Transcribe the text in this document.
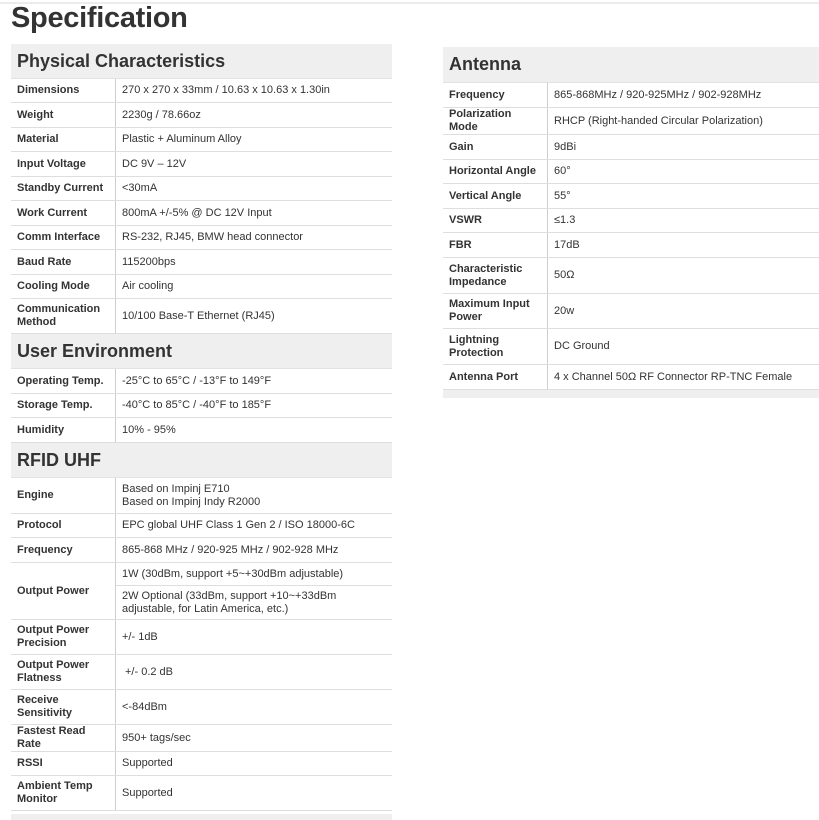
Specification
Physical Characteristics
Dimensions	270 x 270 x 33mm / 10.63 x 10.63 x 1.30in
Weight	2230g / 78.66oz
Material	Plastic + Aluminum Alloy
Input Voltage	DC 9V – 12V
Standby Current	<30mA
Work Current	800mA +/-5% @ DC 12V Input
Comm Interface	RS-232, RJ45, BMW head connector
Baud Rate	115200bps
Cooling Mode	Air cooling
Communication Method	10/100 Base-T Ethernet (RJ45)
User Environment
Operating Temp.	-25°C to 65°C / -13°F to 149°F
Storage Temp.	-40°C to 85°C / -40°F to 185°F
Humidity	10% - 95%
RFID UHF
Engine	Based on Impinj E710
Based on Impinj Indy R2000

Protocol	EPC global UHF Class 1 Gen 2 / ISO 18000-6C
Frequency	865-868 MHz / 920-925 MHz / 902-928 MHz
Output Power	1W (30dBm, support +5~+30dBm adjustable)
	2W Optional (33dBm, support +10~+33dBm adjustable, for Latin America, etc.)
Output Power Precision	+/- 1dB
Output Power Flatness	+/- 0.2 dB
Receive Sensitivity	<-84dBm
Fastest Read Rate	950+ tags/sec
RSSI	Supported
Ambient Temp Monitor	Supported
Antenna
Frequency	865-868MHz / 920-925MHz / 902-928MHz
Polarization Mode	RHCP (Right-handed Circular Polarization)
Gain	9dBi
Horizontal Angle	60°
Vertical Angle	55°
VSWR	≤1.3
FBR	17dB
Characteristic Impedance	50Ω
Maximum Input Power	20w
Lightning Protection	DC Ground
Antenna Port	4 x Channel 50Ω RF Connector RP-TNC Female
